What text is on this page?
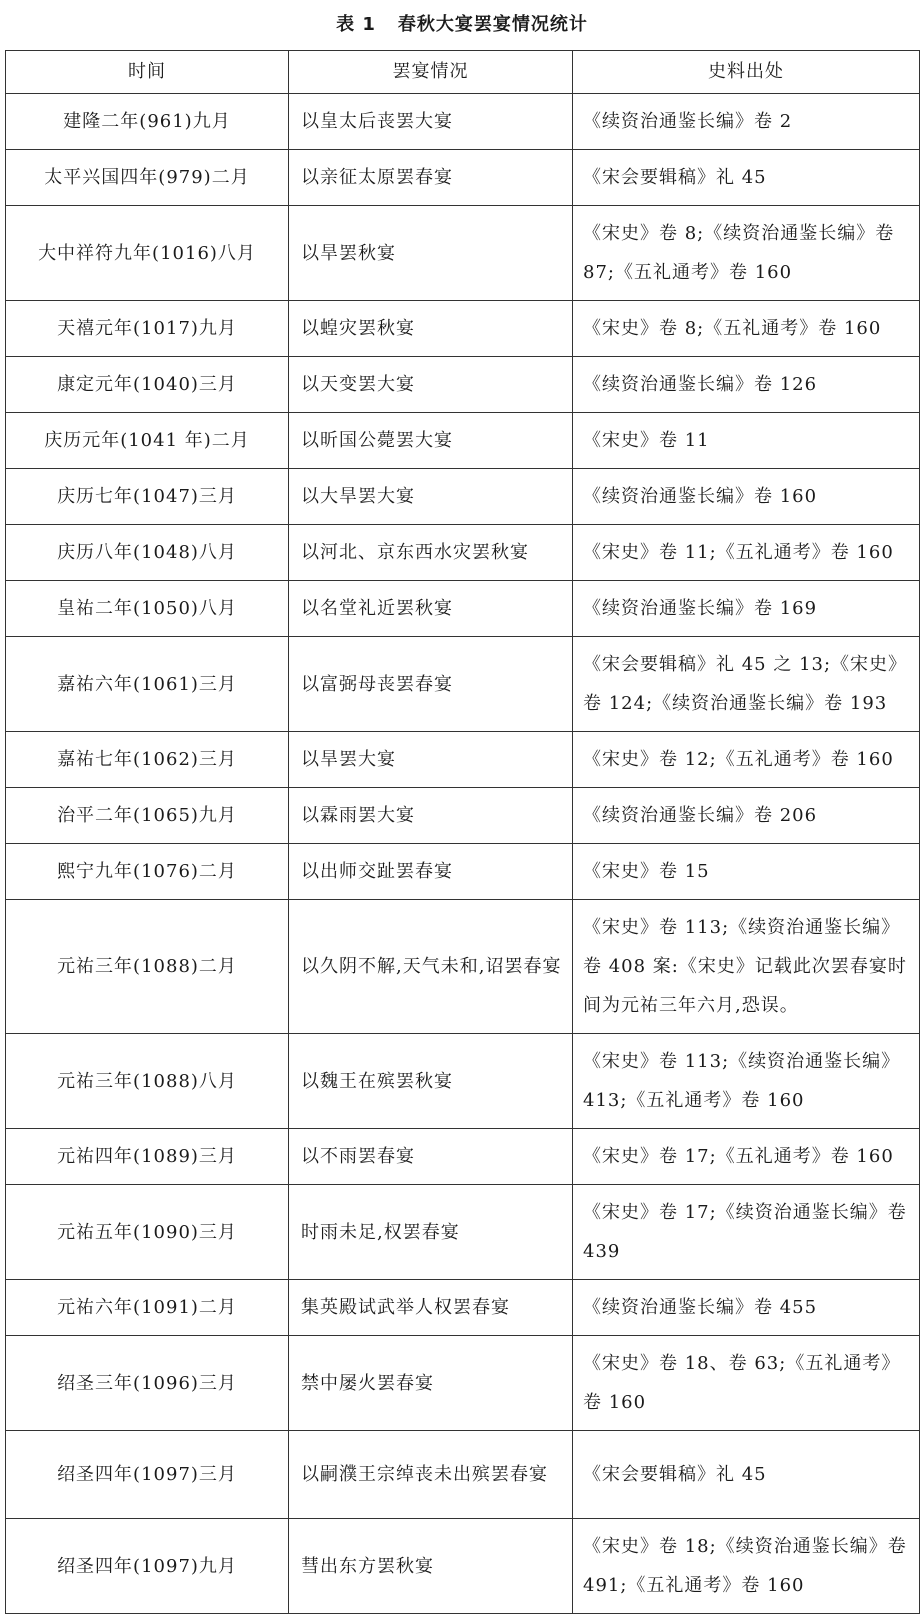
表 1 春秋大宴罢宴情况统计
时间	罢宴情况	史料出处
建隆二年(961)九月	以皇太后丧罢大宴	《续资治通鉴长编》卷 2
太平兴国四年(979)二月	以亲征太原罢春宴	《宋会要辑稿》礼 45
大中祥符九年(1016)八月	以旱罢秋宴	《宋史》卷 8;《续资治通鉴长编》卷 87;《五礼通考》卷 160
天禧元年(1017)九月	以蝗灾罢秋宴	《宋史》卷 8;《五礼通考》卷 160
康定元年(1040)三月	以天变罢大宴	《续资治通鉴长编》卷 126
庆历元年(1041 年)二月	以昕国公薨罢大宴	《宋史》卷 11
庆历七年(1047)三月	以大旱罢大宴	《续资治通鉴长编》卷 160
庆历八年(1048)八月	以河北、京东西水灾罢秋宴	《宋史》卷 11;《五礼通考》卷 160
皇祐二年(1050)八月	以名堂礼近罢秋宴	《续资治通鉴长编》卷 169
嘉祐六年(1061)三月	以富弼母丧罢春宴	《宋会要辑稿》礼 45 之 13;《宋史》卷 124;《续资治通鉴长编》卷 193
嘉祐七年(1062)三月	以旱罢大宴	《宋史》卷 12;《五礼通考》卷 160
治平二年(1065)九月	以霖雨罢大宴	《续资治通鉴长编》卷 206
熙宁九年(1076)二月	以出师交趾罢春宴	《宋史》卷 15
元祐三年(1088)二月	以久阴不解,天气未和,诏罢春宴	《宋史》卷 113;《续资治通鉴长编》卷 408 案:《宋史》记载此次罢春宴时间为元祐三年六月,恐误。
元祐三年(1088)八月	以魏王在殡罢秋宴	《宋史》卷 113;《续资治通鉴长编》413;《五礼通考》卷 160
元祐四年(1089)三月	以不雨罢春宴	《宋史》卷 17;《五礼通考》卷 160
元祐五年(1090)三月	时雨未足,权罢春宴	《宋史》卷 17;《续资治通鉴长编》卷 439
元祐六年(1091)二月	集英殿试武举人权罢春宴	《续资治通鉴长编》卷 455
绍圣三年(1096)三月	禁中屡火罢春宴	《宋史》卷 18、卷 63;《五礼通考》卷 160
绍圣四年(1097)三月	以嗣濮王宗绰丧未出殡罢春宴	《宋会要辑稿》礼 45
绍圣四年(1097)九月	彗出东方罢秋宴	《宋史》卷 18;《续资治通鉴长编》卷 491;《五礼通考》卷 160
